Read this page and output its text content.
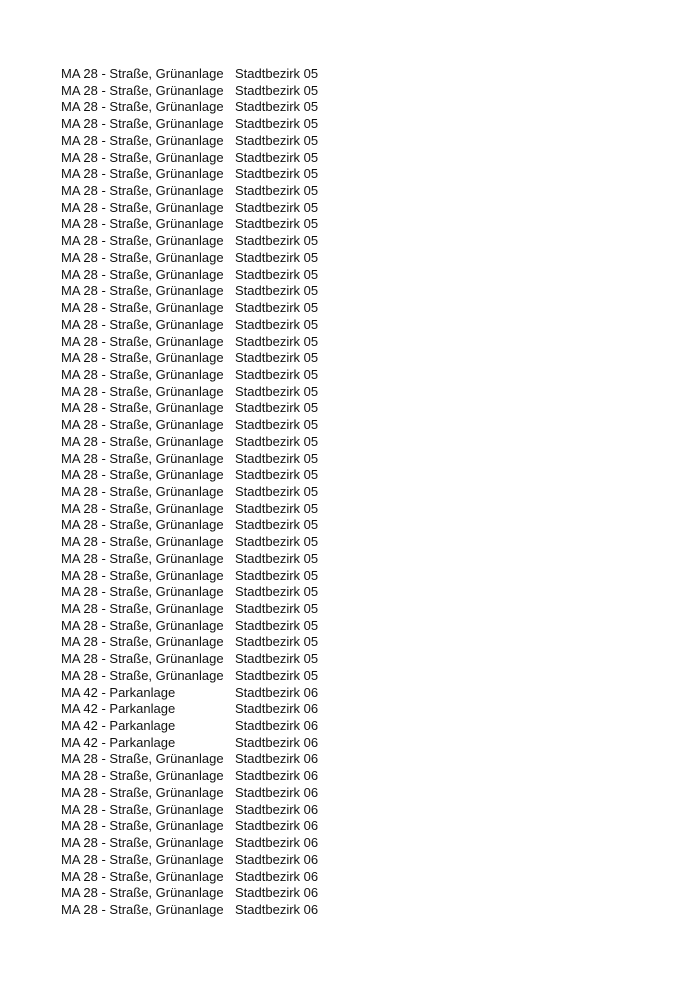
MA 28 - Straße, Grünanlage Stadtbezirk 05
MA 28 - Straße, Grünanlage Stadtbezirk 05
MA 28 - Straße, Grünanlage Stadtbezirk 05
MA 28 - Straße, Grünanlage Stadtbezirk 05
MA 28 - Straße, Grünanlage Stadtbezirk 05
MA 28 - Straße, Grünanlage Stadtbezirk 05
MA 28 - Straße, Grünanlage Stadtbezirk 05
MA 28 - Straße, Grünanlage Stadtbezirk 05
MA 28 - Straße, Grünanlage Stadtbezirk 05
MA 28 - Straße, Grünanlage Stadtbezirk 05
MA 28 - Straße, Grünanlage Stadtbezirk 05
MA 28 - Straße, Grünanlage Stadtbezirk 05
MA 28 - Straße, Grünanlage Stadtbezirk 05
MA 28 - Straße, Grünanlage Stadtbezirk 05
MA 28 - Straße, Grünanlage Stadtbezirk 05
MA 28 - Straße, Grünanlage Stadtbezirk 05
MA 28 - Straße, Grünanlage Stadtbezirk 05
MA 28 - Straße, Grünanlage Stadtbezirk 05
MA 28 - Straße, Grünanlage Stadtbezirk 05
MA 28 - Straße, Grünanlage Stadtbezirk 05
MA 28 - Straße, Grünanlage Stadtbezirk 05
MA 28 - Straße, Grünanlage Stadtbezirk 05
MA 28 - Straße, Grünanlage Stadtbezirk 05
MA 28 - Straße, Grünanlage Stadtbezirk 05
MA 28 - Straße, Grünanlage Stadtbezirk 05
MA 28 - Straße, Grünanlage Stadtbezirk 05
MA 28 - Straße, Grünanlage Stadtbezirk 05
MA 28 - Straße, Grünanlage Stadtbezirk 05
MA 28 - Straße, Grünanlage Stadtbezirk 05
MA 28 - Straße, Grünanlage Stadtbezirk 05
MA 28 - Straße, Grünanlage Stadtbezirk 05
MA 28 - Straße, Grünanlage Stadtbezirk 05
MA 28 - Straße, Grünanlage Stadtbezirk 05
MA 28 - Straße, Grünanlage Stadtbezirk 05
MA 28 - Straße, Grünanlage Stadtbezirk 05
MA 28 - Straße, Grünanlage Stadtbezirk 05
MA 28 - Straße, Grünanlage Stadtbezirk 05
MA 42 - Parkanlage	Stadtbezirk 06
MA 42 - Parkanlage	Stadtbezirk 06
MA 42 - Parkanlage	Stadtbezirk 06
MA 42 - Parkanlage	Stadtbezirk 06
MA 28 - Straße, Grünanlage Stadtbezirk 06
MA 28 - Straße, Grünanlage Stadtbezirk 06
MA 28 - Straße, Grünanlage Stadtbezirk 06
MA 28 - Straße, Grünanlage Stadtbezirk 06
MA 28 - Straße, Grünanlage Stadtbezirk 06
MA 28 - Straße, Grünanlage Stadtbezirk 06
MA 28 - Straße, Grünanlage Stadtbezirk 06
MA 28 - Straße, Grünanlage Stadtbezirk 06
MA 28 - Straße, Grünanlage Stadtbezirk 06
MA 28 - Straße, Grünanlage Stadtbezirk 06
